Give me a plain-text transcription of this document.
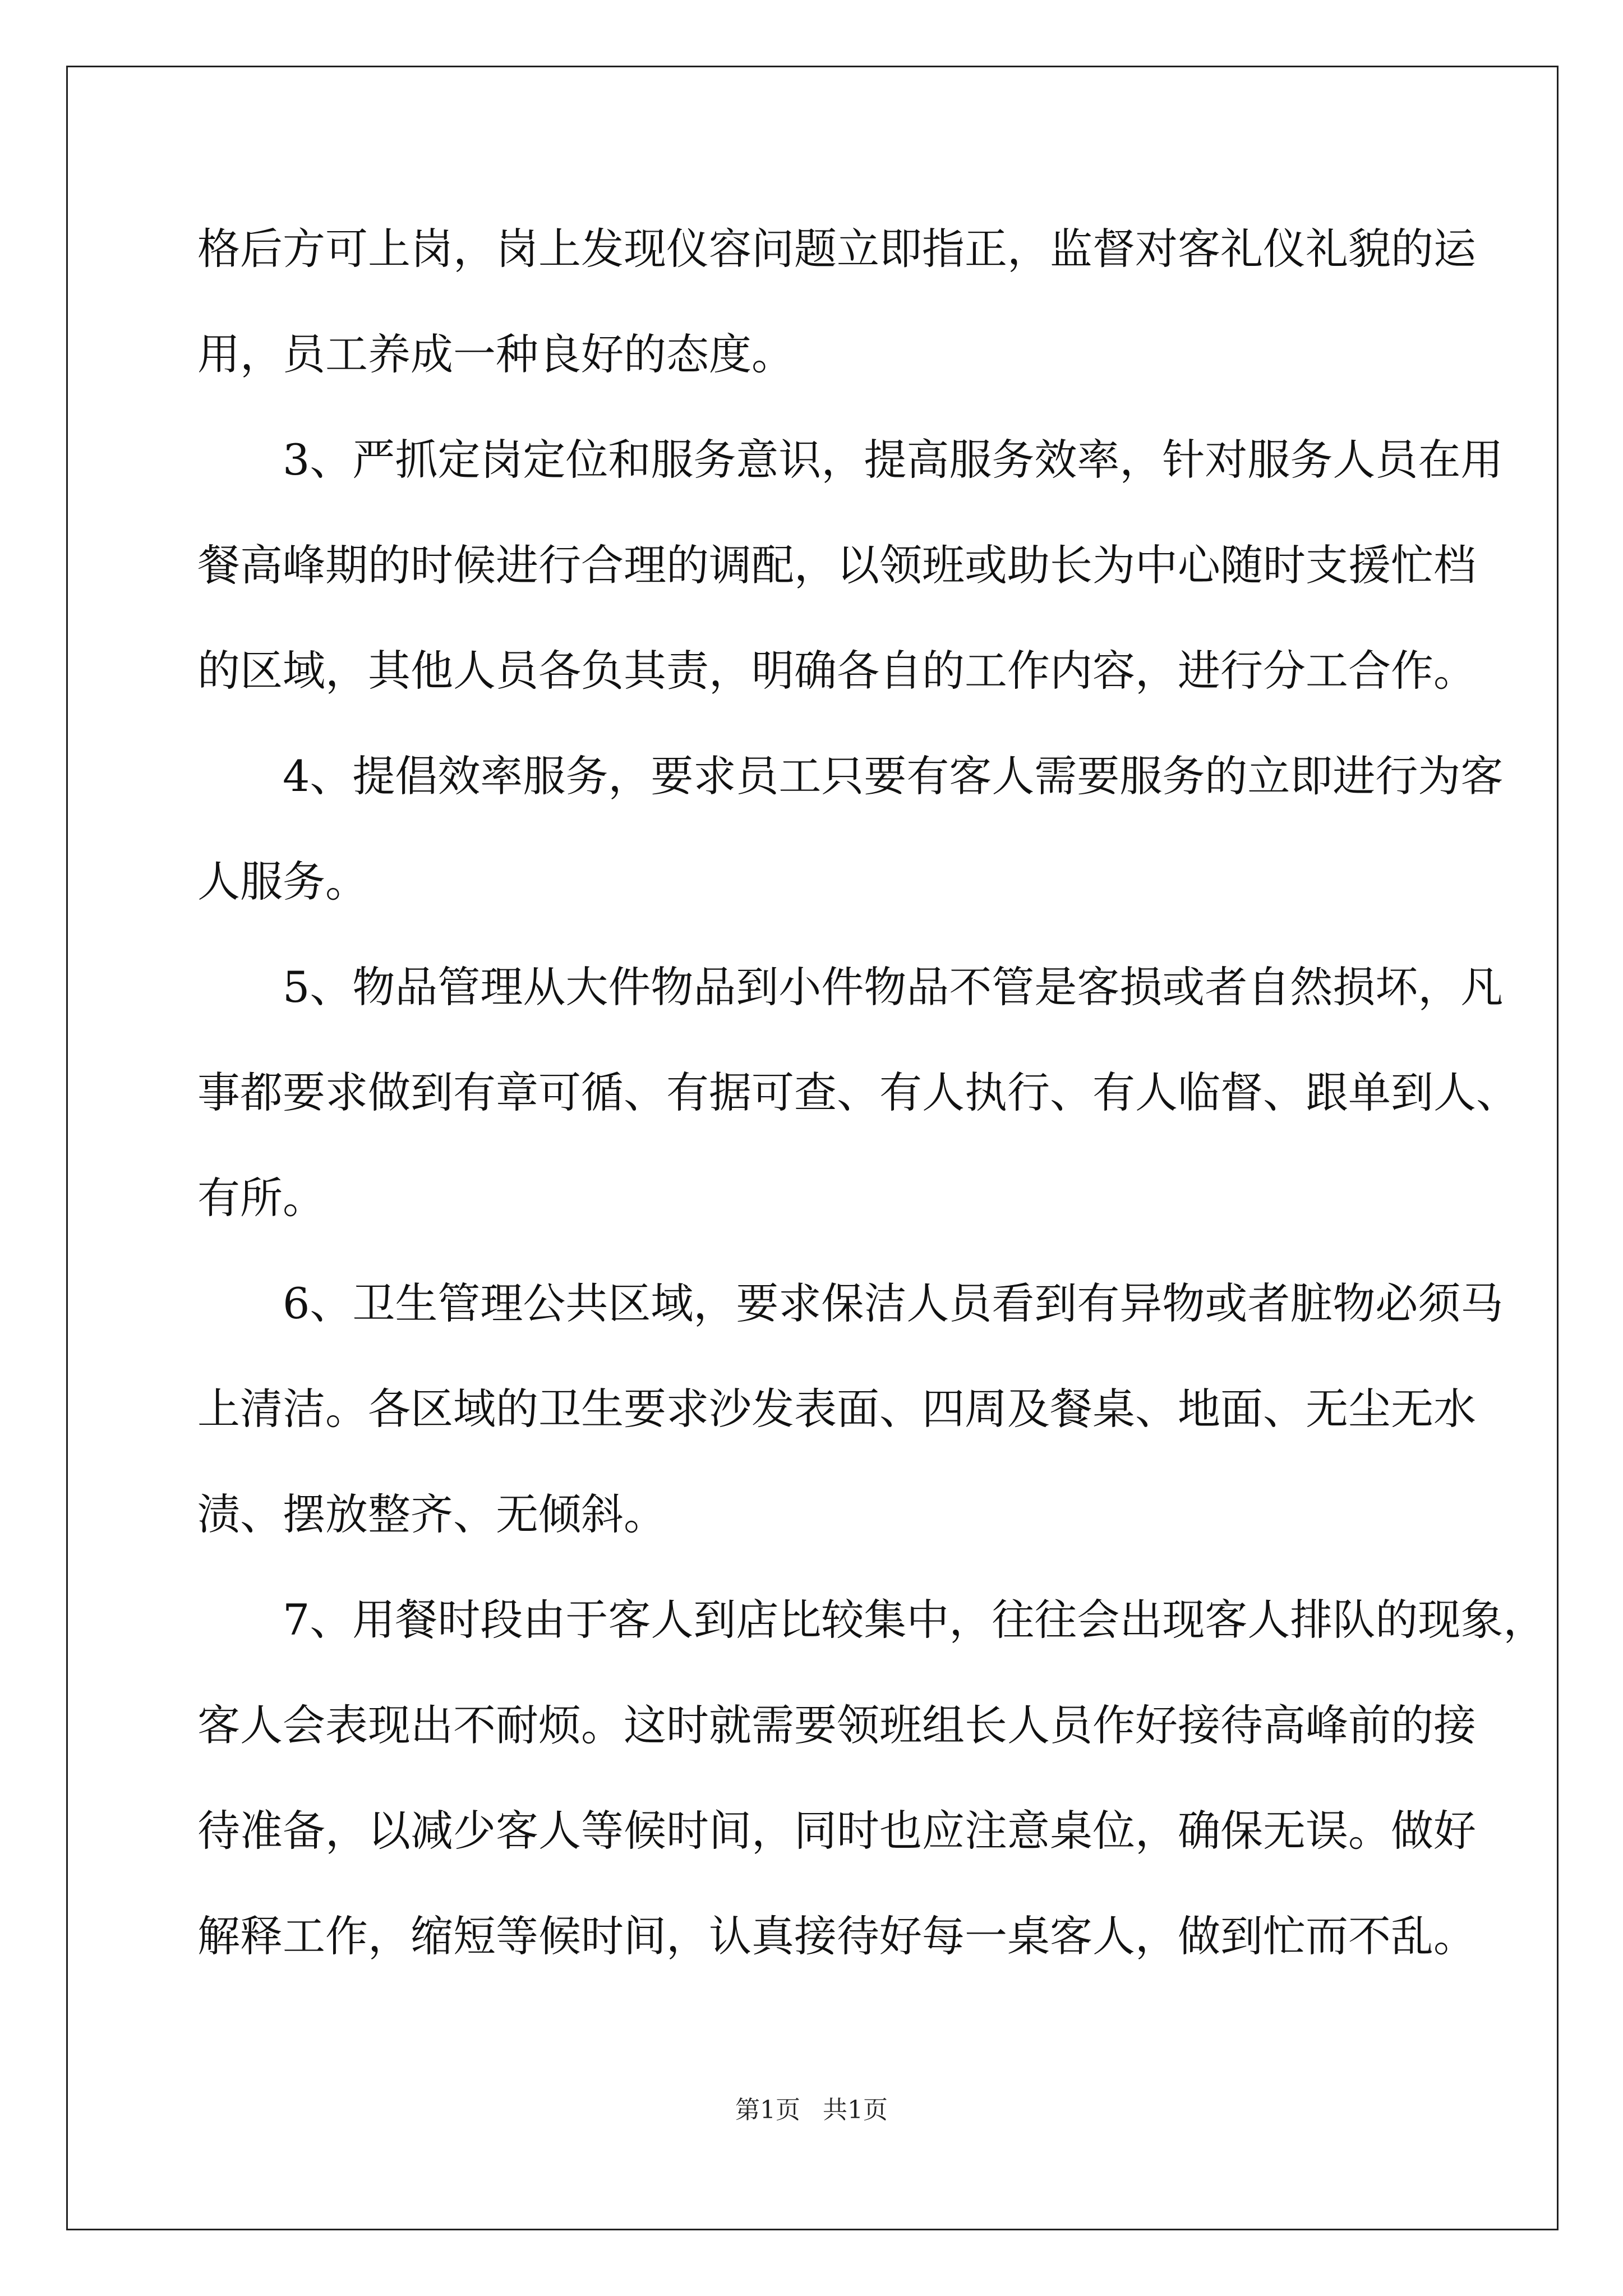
格后方可上岗，岗上发现仪容问题立即指正，监督对客礼仪礼貌的运
用，员工养成一种良好的态度。
3、严抓定岗定位和服务意识，提高服务效率，针对服务人员在用
餐高峰期的时候进行合理的调配，以领班或助长为中心随时支援忙档
的区域，其他人员各负其责，明确各自的工作内容，进行分工合作。
4、提倡效率服务，要求员工只要有客人需要服务的立即进行为客
人服务。
5、物品管理从大件物品到小件物品不管是客损或者自然损坏，凡
事都要求做到有章可循、有据可查、有人执行、有人临督、跟单到人、
有所。
6、卫生管理公共区域，要求保洁人员看到有异物或者脏物必须马
上清洁。各区域的卫生要求沙发表面、四周及餐桌、地面、无尘无水
渍、摆放整齐、无倾斜。
7、用餐时段由于客人到店比较集中，往往会出现客人排队的现象，
客人会表现出不耐烦。这时就需要领班组长人员作好接待高峰前的接
待准备，以减少客人等候时间，同时也应注意桌位，确保无误。做好
解释工作，缩短等候时间，认真接待好每一桌客人，做到忙而不乱。
第1页 共1页
